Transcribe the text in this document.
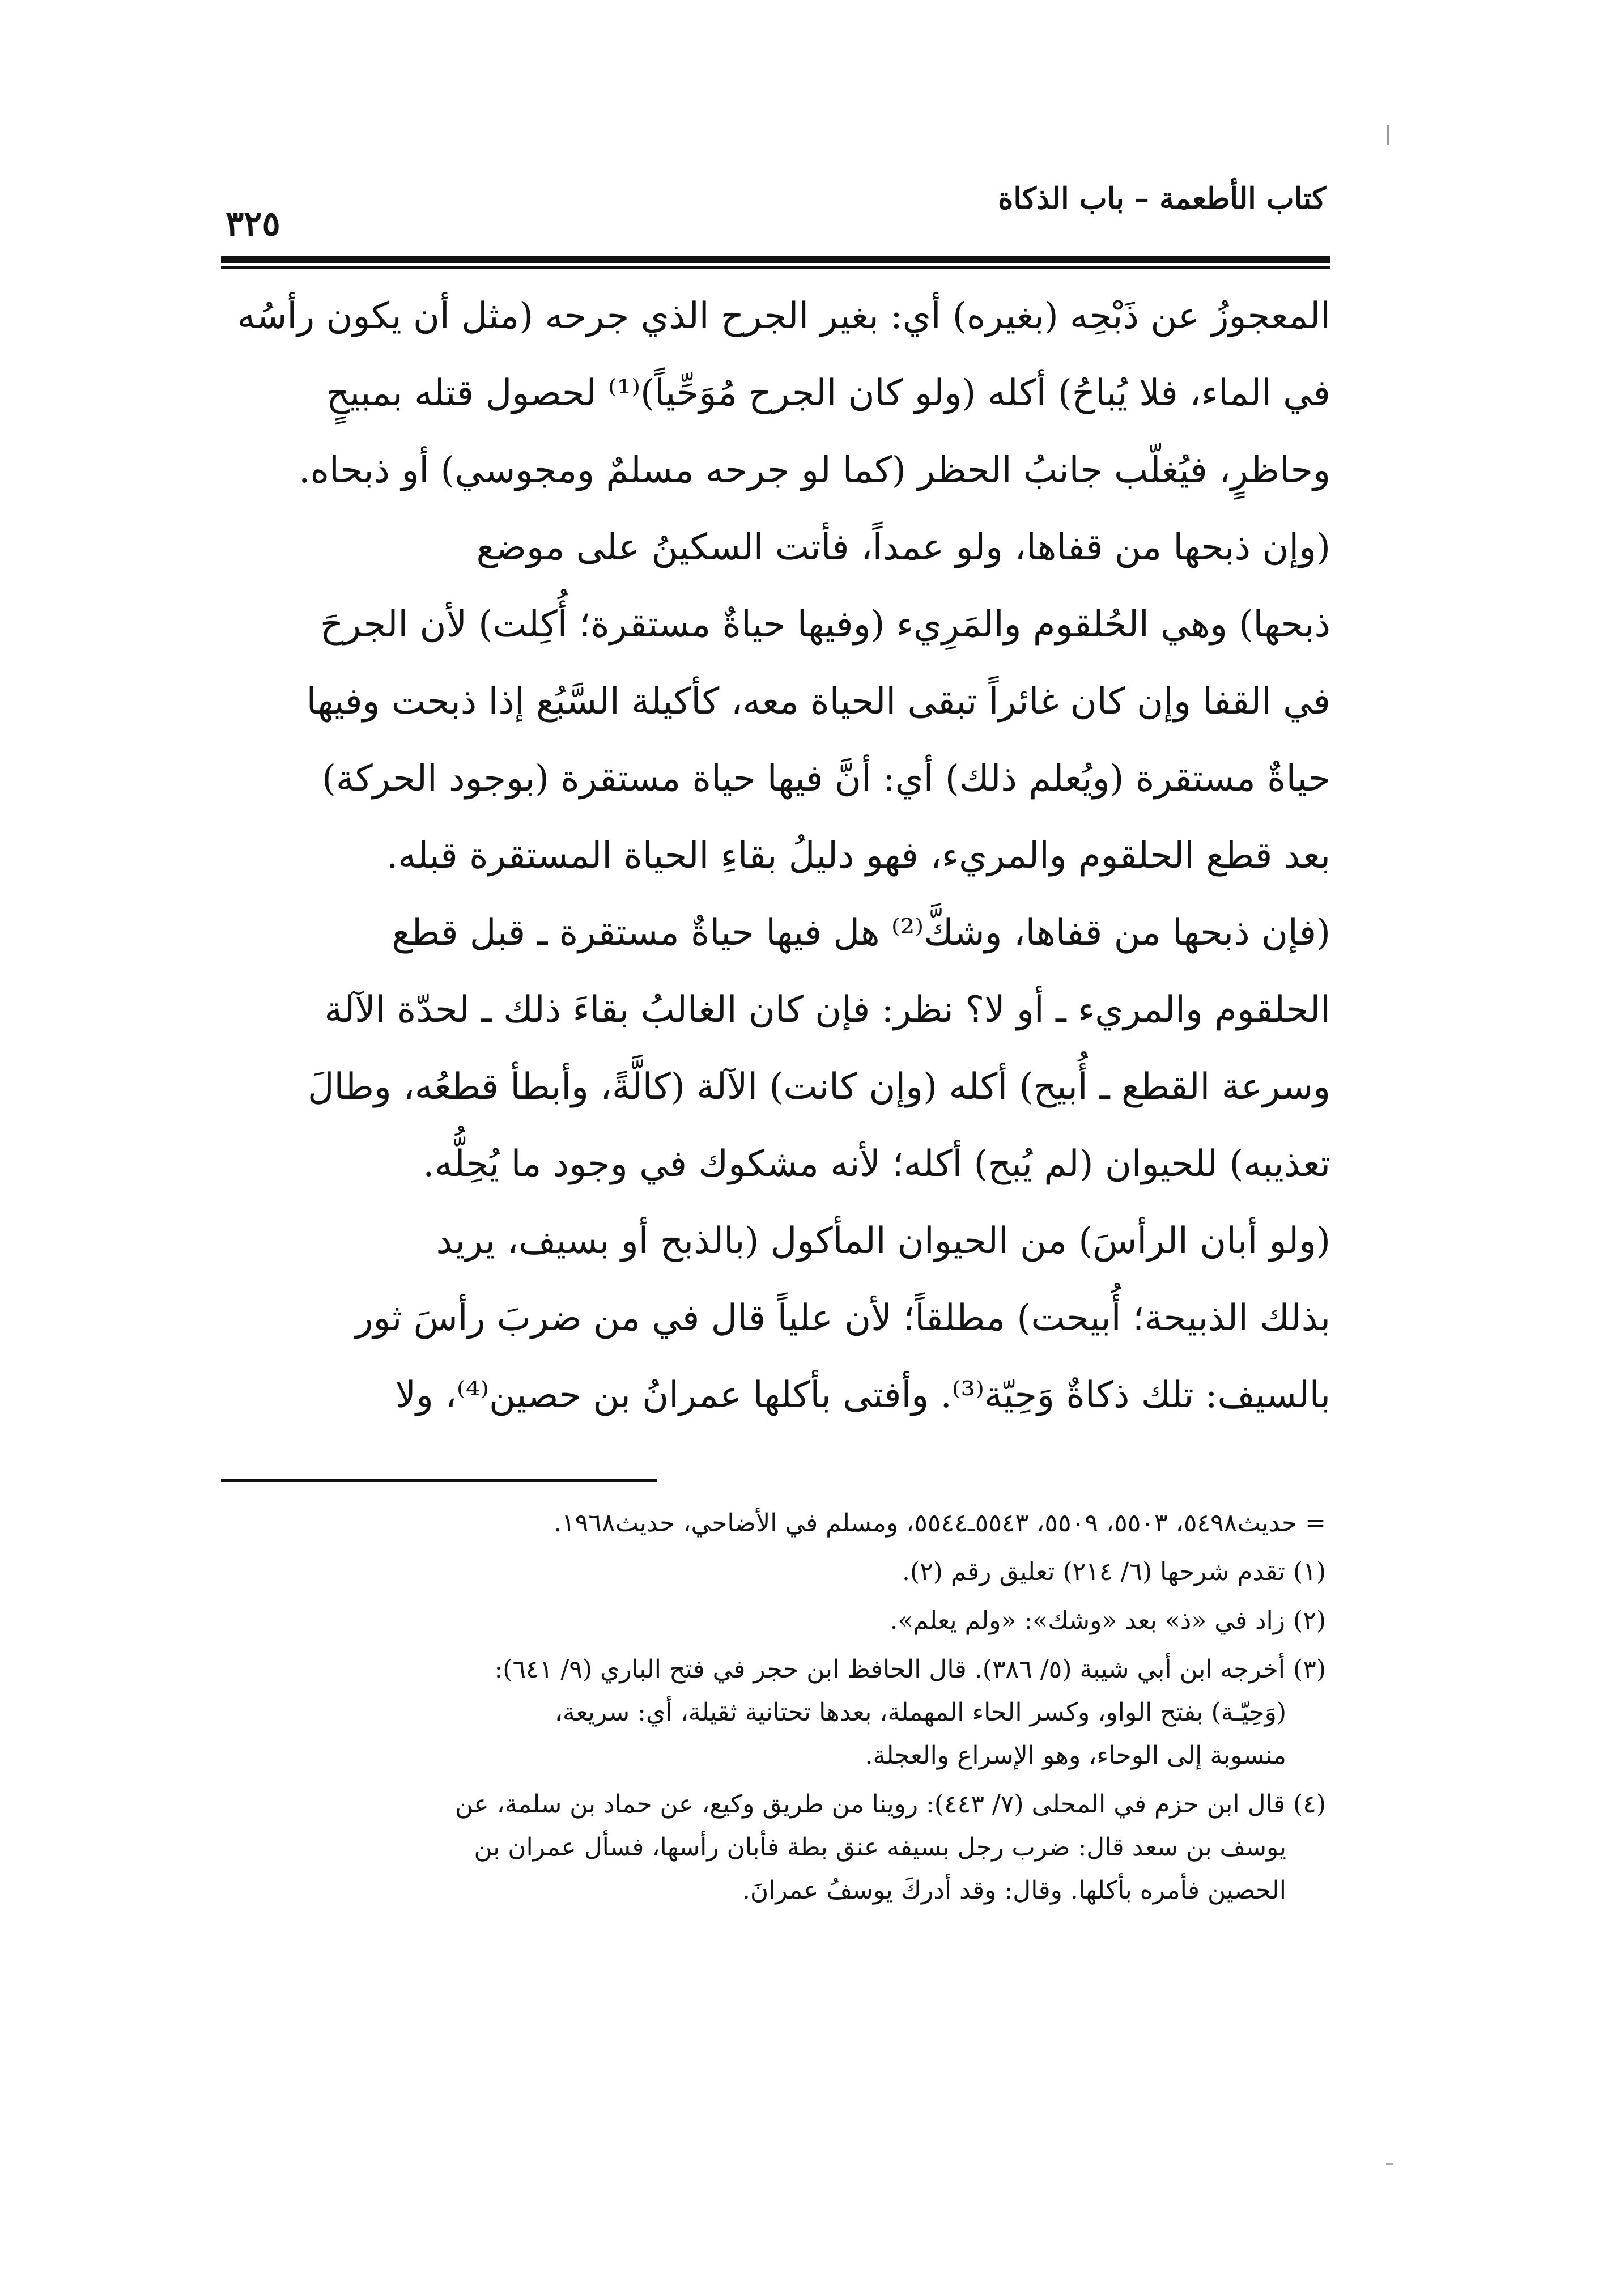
كتاب الأطعمة – باب الذكاة
٣٢٥
المعجوزُ عن ذَبْحِه (بغيره) أي: بغير الجرح الذي جرحه (مثل أن يكون رأسُه
في الماء، فلا يُباحُ) أكله (ولو كان الجرح مُوَحِّياً)⁽¹⁾ لحصول قتله بمبيحٍ
وحاظرٍ، فيُغلّب جانبُ الحظر (كما لو جرحه مسلمٌ ومجوسي) أو ذبحاه.
(وإن ذبحها من قفاها، ولو عمداً، فأتت السكينُ على موضع
ذبحها) وهي الحُلقوم والمَرِيء (وفيها حياةٌ مستقرة؛ أُكِلت) لأن الجرحَ
في القفا وإن كان غائراً تبقى الحياة معه، كأكيلة السَّبُع إذا ذبحت وفيها
حياةٌ مستقرة (ويُعلم ذلك) أي: أنَّ فيها حياة مستقرة (بوجود الحركة)
بعد قطع الحلقوم والمريء، فهو دليلُ بقاءِ الحياة المستقرة قبله.
(فإن ذبحها من قفاها، وشكَّ⁽²⁾ هل فيها حياةٌ مستقرة ـ قبل قطع
الحلقوم والمريء ـ أو لا؟ نظر: فإن كان الغالبُ بقاءَ ذلك ـ لحدّة الآلة
وسرعة القطع ـ أُبيح) أكله (وإن كانت) الآلة (كالَّةً، وأبطأ قطعُه، وطالَ
تعذيبه) للحيوان (لم يُبح) أكله؛ لأنه مشكوك في وجود ما يُحِلُّه.
(ولو أبان الرأسَ) من الحيوان المأكول (بالذبح أو بسيف، يريد
بذلك الذبيحة؛ أُبيحت) مطلقاً؛ لأن علياً قال في من ضربَ رأسَ ثور
بالسيف: تلك ذكاةٌ وَحِيّة⁽³⁾. وأفتى بأكلها عمرانُ بن حصين⁽⁴⁾، ولا
= حديث٥٤٩٨، ٥٥٠٣، ٥٥٠٩، ٥٥٤٣ـ٥٥٤٤، ومسلم في الأضاحي، حديث١٩٦٨.
(١) تقدم شرحها (٦/ ٢١٤) تعليق رقم (٢).
(٢) زاد في «ذ» بعد «وشك»: «ولم يعلم».
(٣) أخرجه ابن أبي شيبة (٥/ ٣٨٦). قال الحافظ ابن حجر في فتح الباري (٩/ ٦٤١):
(وَحِيّـة) بفتح الواو، وكسر الحاء المهملة، بعدها تحتانية ثقيلة، أي: سريعة،
منسوبة إلى الوحاء، وهو الإسراع والعجلة.
(٤) قال ابن حزم في المحلى (٧/ ٤٤٣): روينا من طريق وكيع، عن حماد بن سلمة، عن
يوسف بن سعد قال: ضرب رجل بسيفه عنق بطة فأبان رأسها، فسأل عمران بن
الحصين فأمره بأكلها. وقال: وقد أدركَ يوسفُ عمرانَ.
